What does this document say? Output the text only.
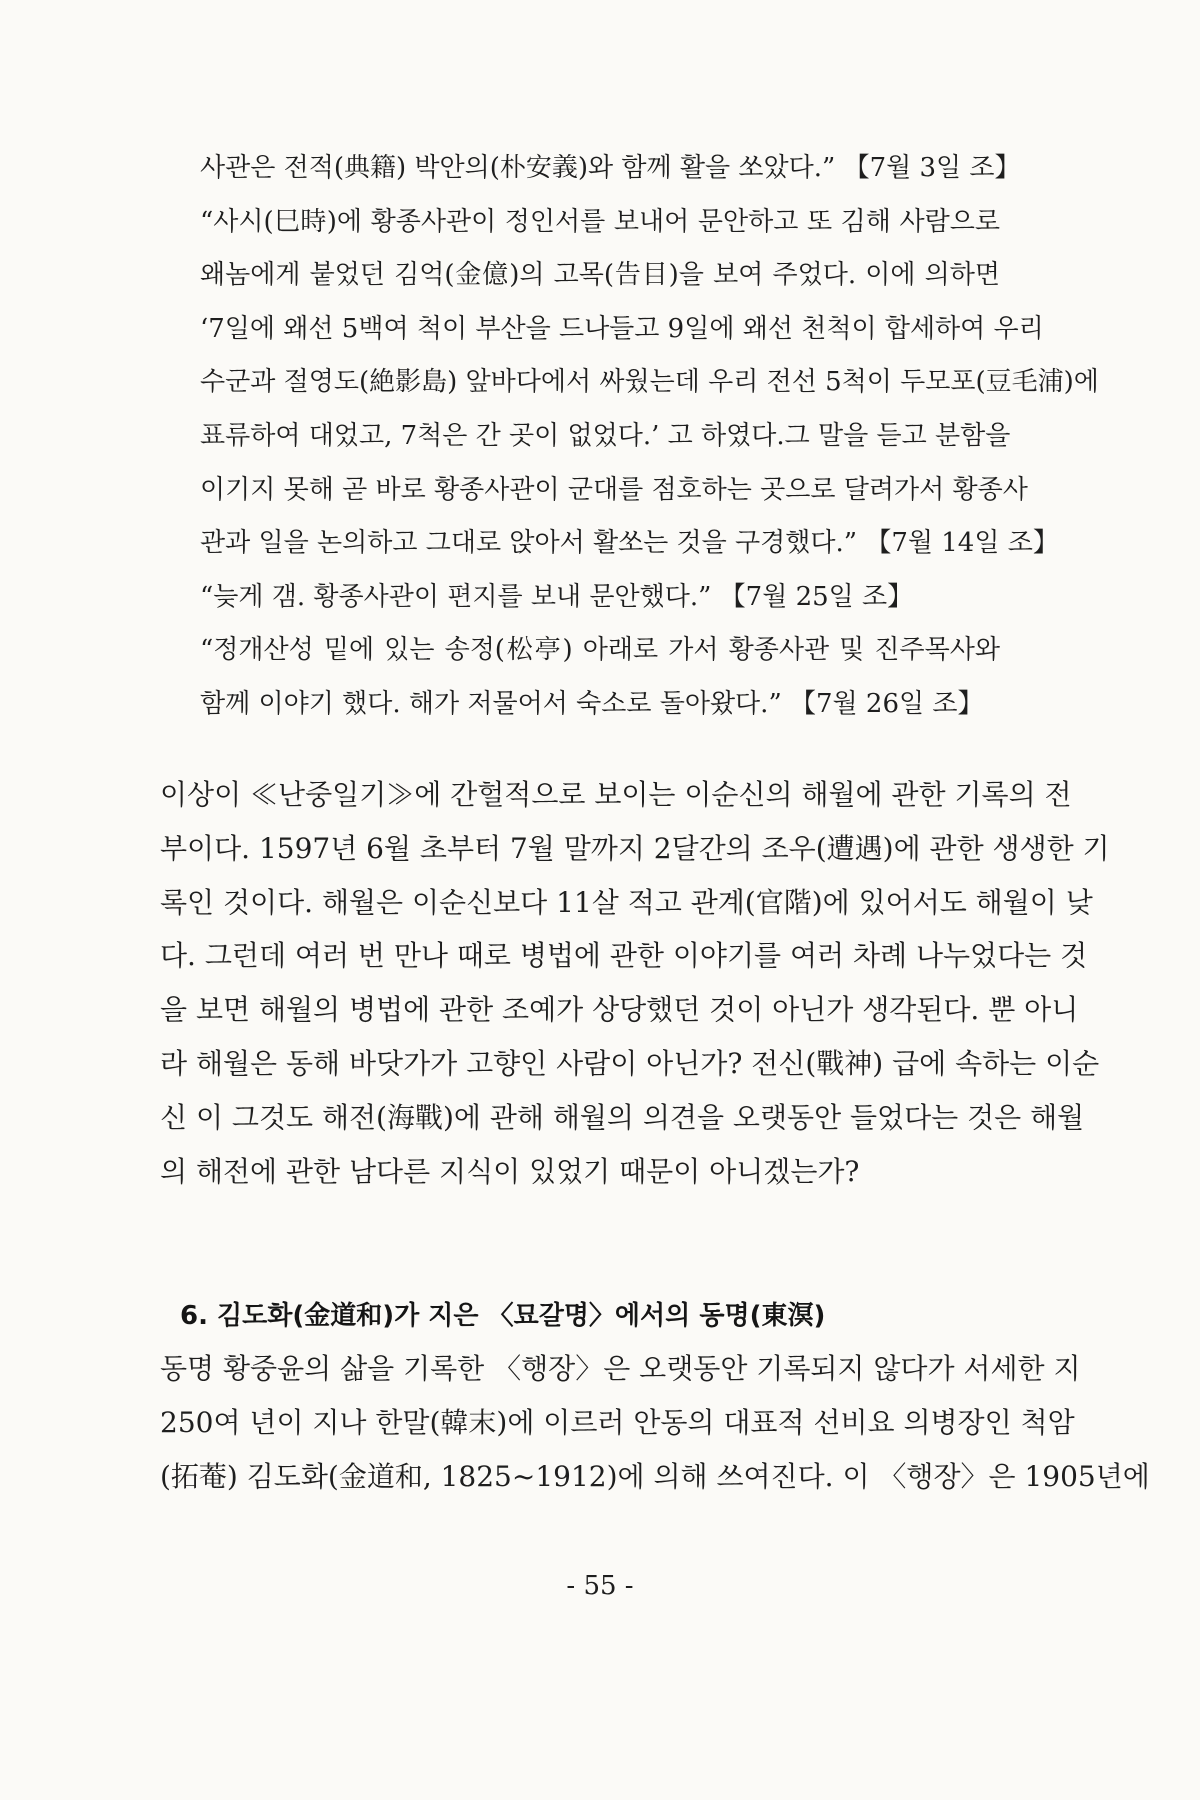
사관은 전적(典籍) 박안의(朴安義)와 함께 활을 쏘았다.” 【7월 3일 조】
“사시(巳時)에 황종사관이 정인서를 보내어 문안하고 또 김해 사람으로
왜놈에게 붙었던 김억(金億)의 고목(告目)을 보여 주었다. 이에 의하면
‘7일에 왜선 5백여 척이 부산을 드나들고 9일에 왜선 천척이 합세하여 우리
수군과 절영도(絶影島) 앞바다에서 싸웠는데 우리 전선 5척이 두모포(豆毛浦)에
표류하여 대었고, 7척은 간 곳이 없었다.’ 고 하였다.그 말을 듣고 분함을
이기지 못해 곧 바로 황종사관이 군대를 점호하는 곳으로 달려가서 황종사
관과 일을 논의하고 그대로 앉아서 활쏘는 것을 구경했다.” 【7월 14일 조】
“늦게 갬. 황종사관이 편지를 보내 문안했다.” 【7월 25일 조】
“정개산성 밑에 있는 송정(松亭) 아래로 가서 황종사관 및 진주목사와
함께 이야기 했다. 해가 저물어서 숙소로 돌아왔다.” 【7월 26일 조】
이상이 ≪난중일기≫에 간헐적으로 보이는 이순신의 해월에 관한 기록의 전
부이다. 1597년 6월 초부터 7월 말까지 2달간의 조우(遭遇)에 관한 생생한 기
록인 것이다. 해월은 이순신보다 11살 적고 관계(官階)에 있어서도 해월이 낮
다. 그런데 여러 번 만나 때로 병법에 관한 이야기를 여러 차례 나누었다는 것
을 보면 해월의 병법에 관한 조예가 상당했던 것이 아닌가 생각된다. 뿐 아니
라 해월은 동해 바닷가가 고향인 사람이 아닌가? 전신(戰神) 급에 속하는 이순
신 이 그것도 해전(海戰)에 관해 해월의 의견을 오랫동안 들었다는 것은 해월
의 해전에 관한 남다른 지식이 있었기 때문이 아니겠는가?
6. 김도화(金道和)가 지은 〈묘갈명〉에서의 동명(東溟)
동명 황중윤의 삶을 기록한 〈행장〉은 오랫동안 기록되지 않다가 서세한 지
250여 년이 지나 한말(韓末)에 이르러 안동의 대표적 선비요 의병장인 척암
(拓菴) 김도화(金道和, 1825~1912)에 의해 쓰여진다. 이 〈행장〉은 1905년에
- 55 -
